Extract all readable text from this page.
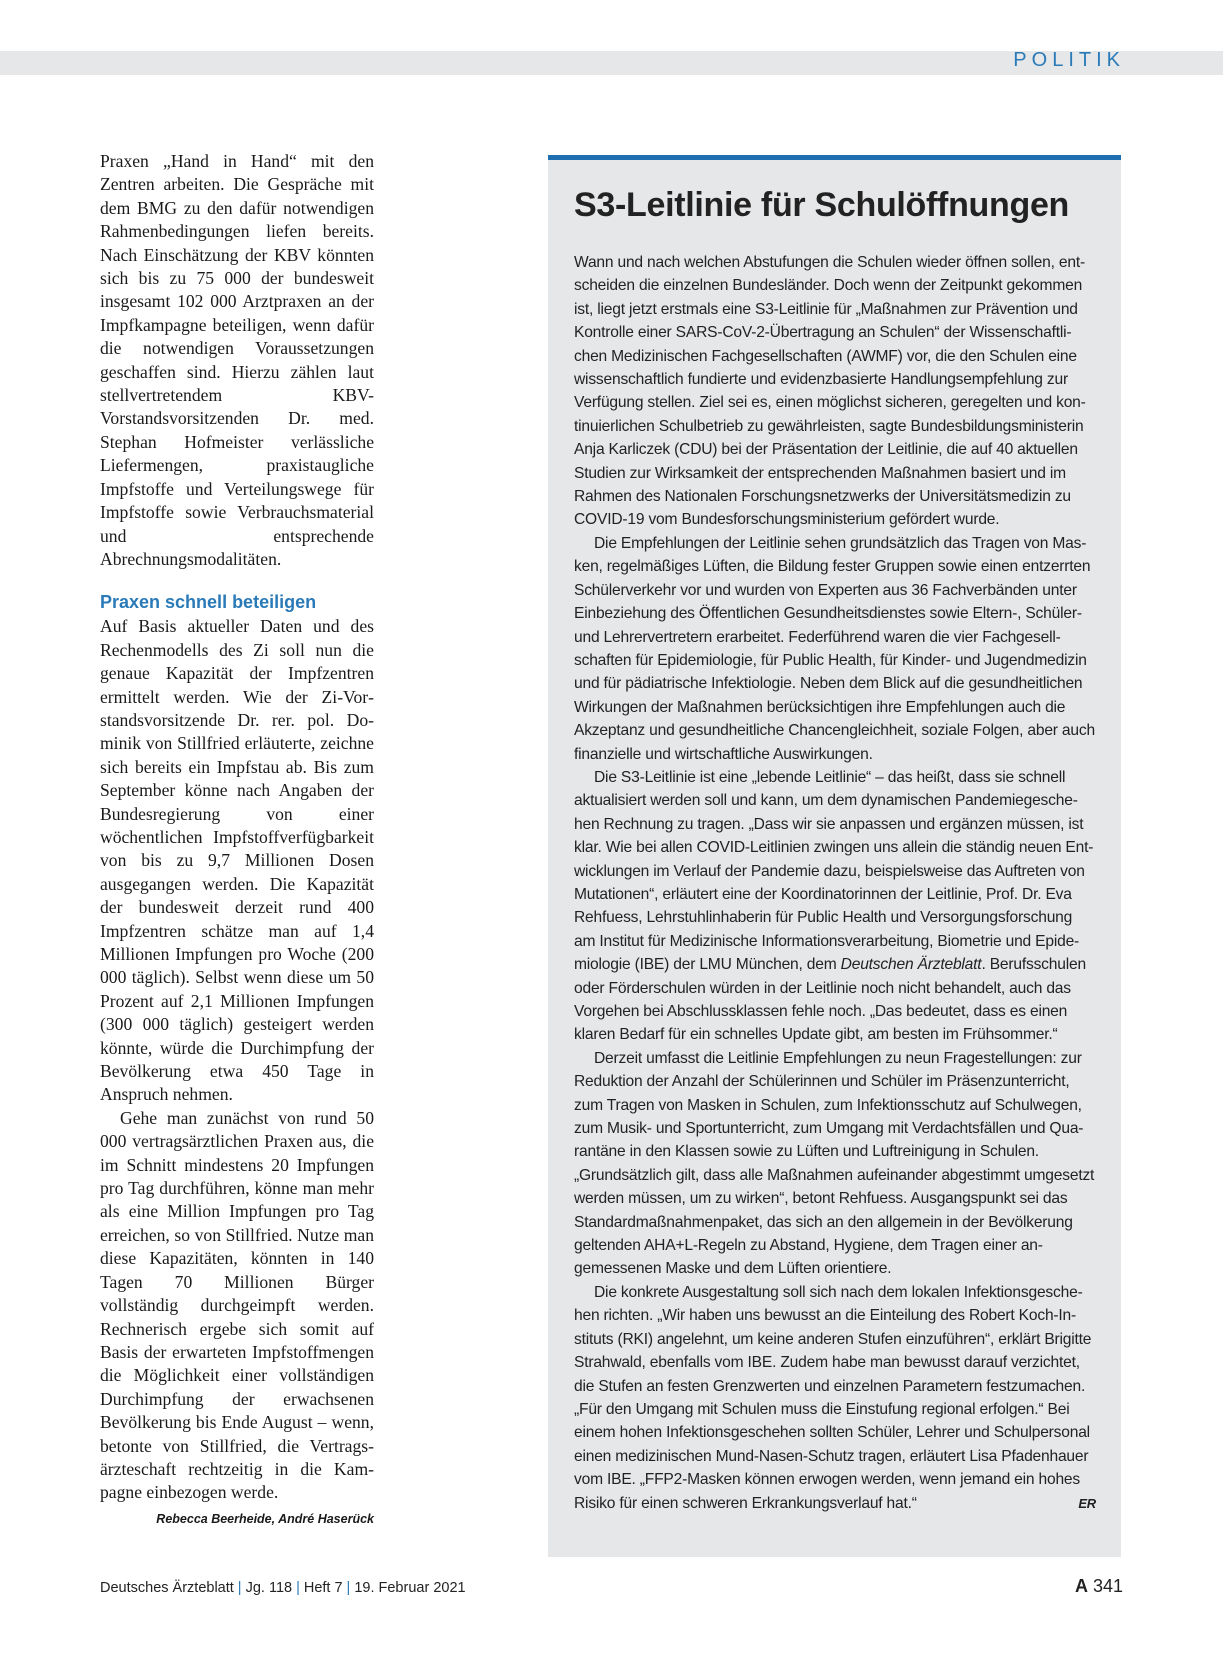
POLITIK

Praxen „Hand in Hand“ mit den Zentren arbeiten. Die Gespräche mit dem BMG zu den dafür notwendigen Rahmenbedingungen liefen bereits. Nach Einschätzung der KBV könnten sich bis zu 75 000 der bundesweit insgesamt 102 000 Arztpraxen an der Impfkampagne beteiligen, wenn dafür die notwendigen Voraussetzungen geschaffen sind. Hierzu zählen laut stellvertretendem KBV-Vorstandsvorsitzenden Dr. med. Stephan Hofmeister verlässliche Liefermengen, praxistaugliche Impfstoffe und Verteilungswege für Impfstoffe sowie Verbrauchsmaterial und entsprechende Abrechnungsmodalitäten.

Praxen schnell beteiligen

Auf Basis aktueller Daten und des Rechenmodells des Zi soll nun die genaue Kapazität der Impfzentren ermittelt werden. Wie der Zi-Vorstandsvorsitzende Dr. rer. pol. Dominik von Stillfried erläuterte, zeichne sich bereits ein Impfstau ab. Bis zum September könne nach Angaben der Bundesregierung von einer wöchentlichen Impfstoffverfügbarkeit von bis zu 9,7 Millionen Dosen ausgegangen werden. Die Kapazität der bundesweit derzeit rund 400 Impfzentren schätze man auf 1,4 Millionen Impfungen pro Woche (200 000 täglich). Selbst wenn diese um 50 Prozent auf 2,1 Millionen Impfungen (300 000 täglich) gesteigert werden könnte, würde die Durchimpfung der Bevölkerung etwa 450 Tage in Anspruch nehmen.

Gehe man zunächst von rund 50 000 vertragsärztlichen Praxen aus, die im Schnitt mindestens 20 Impfungen pro Tag durchführen, könne man mehr als eine Million Impfungen pro Tag erreichen, so von Stillfried. Nutze man diese Kapazitäten, könnten in 140 Tagen 70 Millionen Bürger vollständig durchgeimpft werden. Rechnerisch ergebe sich somit auf Basis der erwarteten Impfstoffmengen die Möglichkeit einer vollständigen Durchimpfung der erwachsenen Bevölkerung bis Ende August – wenn, betonte von Stillfried, die Vertragsärzteschaft rechtzeitig in die Kampagne einbezogen werde.

Rebecca Beerheide, André Haserück
S3-Leitlinie für Schulöffnungen

Wann und nach welchen Abstufungen die Schulen wieder öffnen sollen, entscheiden die einzelnen Bundesländer. Doch wenn der Zeitpunkt gekommen ist, liegt jetzt erstmals eine S3-Leitlinie für „Maßnahmen zur Prävention und Kontrolle einer SARS-CoV-2-Übertragung an Schulen“ der Wissenschaftlichen Medizinischen Fachgesellschaften (AWMF) vor, die den Schulen eine wissenschaftlich fundierte und evidenzbasierte Handlungsempfehlung zur Verfügung stellen. Ziel sei es, einen möglichst sicheren, geregelten und kontinuierlichen Schulbetrieb zu gewährleisten, sagte Bundesbildungsministerin Anja Karliczek (CDU) bei der Präsentation der Leitlinie, die auf 40 aktuellen Studien zur Wirksamkeit der entsprechenden Maßnahmen basiert und im Rahmen des Nationalen Forschungsnetzwerks der Universitätsmedizin zu COVID-19 vom Bundesforschungsministerium gefördert wurde.

Die Empfehlungen der Leitlinie sehen grundsätzlich das Tragen von Masken, regelmäßiges Lüften, die Bildung fester Gruppen sowie einen entzerrten Schülerverkehr vor und wurden von Experten aus 36 Fachverbänden unter Einbeziehung des Öffentlichen Gesundheitsdienstes sowie Eltern-, Schüler- und Lehrervertretern erarbeitet. Federführend waren die vier Fachgesellschaften für Epidemiologie, für Public Health, für Kinder- und Jugendmedizin und für pädiatrische Infektiologie. Neben dem Blick auf die gesundheitlichen Wirkungen der Maßnahmen berücksichtigen ihre Empfehlungen auch die Akzeptanz und gesundheitliche Chancengleichheit, soziale Folgen, aber auch finanzielle und wirtschaftliche Auswirkungen.

Die S3-Leitlinie ist eine „lebende Leitlinie“ – das heißt, dass sie schnell aktualisiert werden soll und kann, um dem dynamischen Pandemiegeschehen Rechnung zu tragen. „Dass wir sie anpassen und ergänzen müssen, ist klar. Wie bei allen COVID-Leitlinien zwingen uns allein die ständig neuen Entwicklungen im Verlauf der Pandemie dazu, beispielsweise das Auftreten von Mutationen“, erläutert eine der Koordinatorinnen der Leitlinie, Prof. Dr. Eva Rehfuess, Lehrstuhlinhaberin für Public Health und Versorgungsforschung am Institut für Medizinische Informationsverarbeitung, Biometrie und Epidemiologie (IBE) der LMU München, dem Deutschen Ärzteblatt. Berufsschulen oder Förderschulen würden in der Leitlinie noch nicht behandelt, auch das Vorgehen bei Abschlussklassen fehle noch. „Das bedeutet, dass es einen klaren Bedarf für ein schnelles Update gibt, am besten im Frühsommer.“

Derzeit umfasst die Leitlinie Empfehlungen zu neun Fragestellungen: zur Reduktion der Anzahl der Schülerinnen und Schüler im Präsenzunterricht, zum Tragen von Masken in Schulen, zum Infektionsschutz auf Schulwegen, zum Musik- und Sportunterricht, zum Umgang mit Verdachtsfällen und Quarantäne in den Klassen sowie zu Lüften und Luftreinigung in Schulen. „Grundsätzlich gilt, dass alle Maßnahmen aufeinander abgestimmt umgesetzt werden müssen, um zu wirken“, betont Rehfuess. Ausgangspunkt sei das Standardmaßnahmenpaket, das sich an den allgemein in der Bevölkerung geltenden AHA+L-Regeln zu Abstand, Hygiene, dem Tragen einer angemessenen Maske und dem Lüften orientiere.

Die konkrete Ausgestaltung soll sich nach dem lokalen Infektionsgeschehen richten. „Wir haben uns bewusst an die Einteilung des Robert Koch-Instituts (RKI) angelehnt, um keine anderen Stufen einzuführen“, erklärt Brigitte Strahwald, ebenfalls vom IBE. Zudem habe man bewusst darauf verzichtet, die Stufen an festen Grenzwerten und einzelnen Parametern festzumachen. „Für den Umgang mit Schulen muss die Einstufung regional erfolgen.“ Bei einem hohen Infektionsgeschehen sollten Schüler, Lehrer und Schulpersonal einen medizinischen Mund-Nasen-Schutz tragen, erläutert Lisa Pfadenhauer vom IBE. „FFP2-Masken können erwogen werden, wenn jemand ein hohes Risiko für einen schweren Erkrankungsverlauf hat.“	ER

Deutsches Ärzteblatt | Jg. 118 | Heft 7 | 19. Februar 2021	A 341
